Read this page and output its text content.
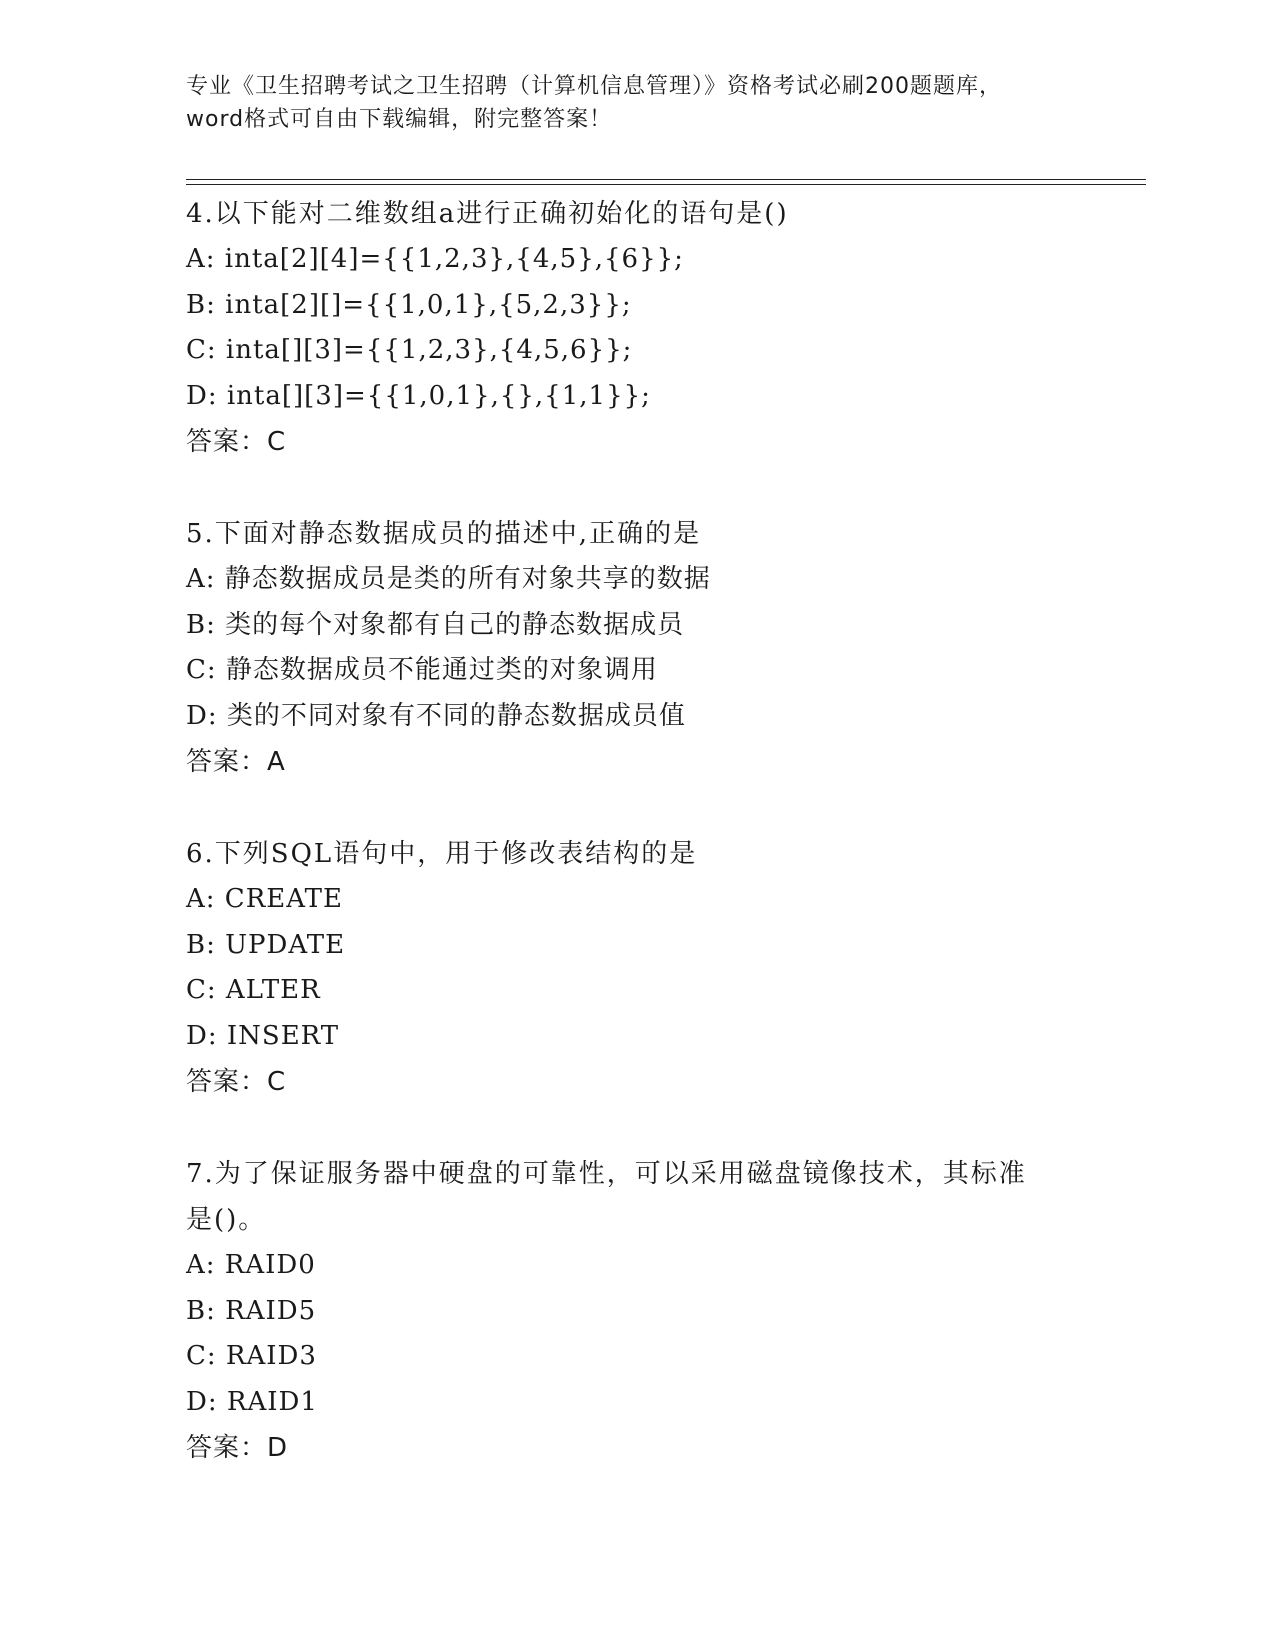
专业《卫生招聘考试之卫生招聘（计算机信息管理）》资格考试必刷200题题库，
word格式可自由下载编辑，附完整答案！
4.以下能对二维数组a进行正确初始化的语句是()
A: inta[2][4]={{1,2,3},{4,5},{6}};
B: inta[2][]={{1,0,1},{5,2,3}};
C: inta[][3]={{1,2,3},{4,5,6}};
D: inta[][3]={{1,0,1},{},{1,1}};
答案：C
5.下面对静态数据成员的描述中,正确的是
A: 静态数据成员是类的所有对象共享的数据
B: 类的每个对象都有自己的静态数据成员
C: 静态数据成员不能通过类的对象调用
D: 类的不同对象有不同的静态数据成员值
答案：A
6.下列SQL语句中，用于修改表结构的是
A: CREATE
B: UPDATE
C: ALTER
D: INSERT
答案：C
7.为了保证服务器中硬盘的可靠性，可以采用磁盘镜像技术，其标准
是()。
A: RAID0
B: RAID5
C: RAID3
D: RAID1
答案：D
